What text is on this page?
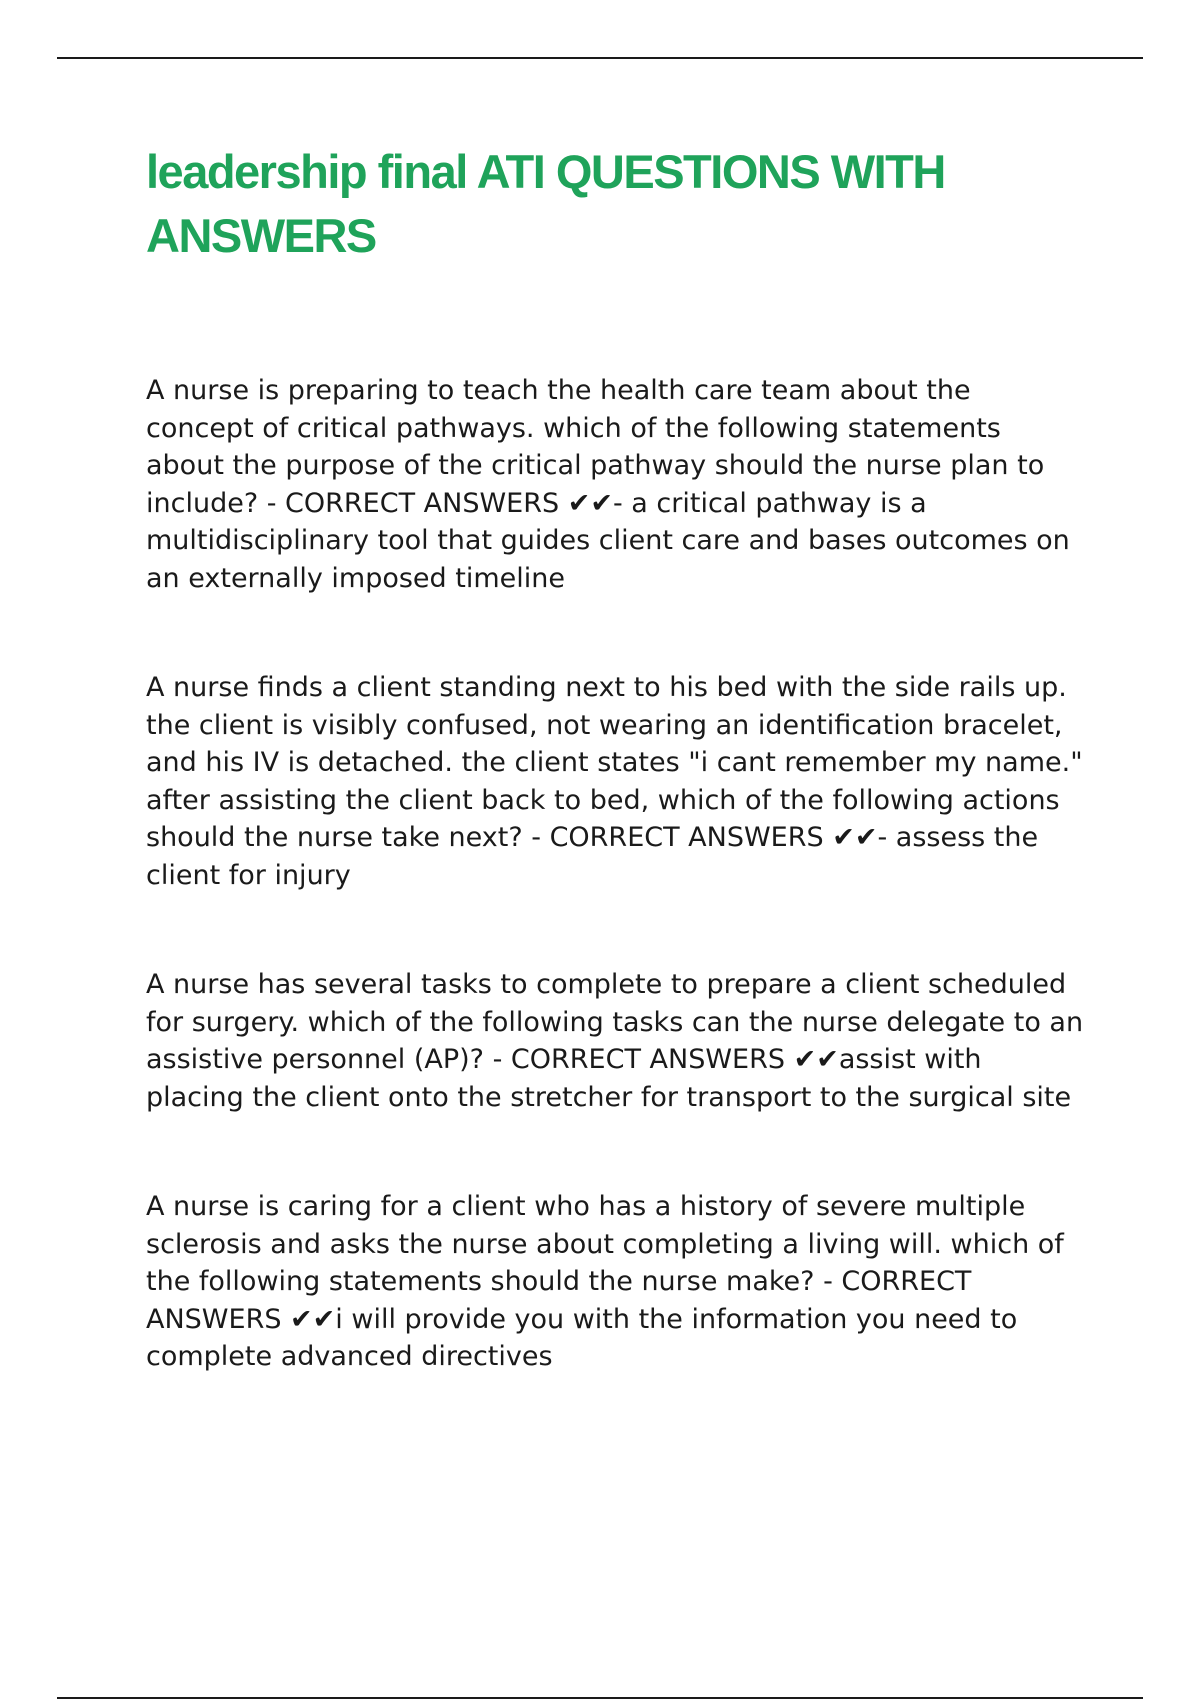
leadership final ATI QUESTIONS WITH
ANSWERS

A nurse is preparing to teach the health care team about the concept of critical pathways. which of the following statements about the purpose of the critical pathway should the nurse plan to include? - CORRECT ANSWERS ✔✔- a critical pathway is a multidisciplinary tool that guides client care and bases outcomes on an externally imposed timeline

A nurse finds a client standing next to his bed with the side rails up. the client is visibly confused, not wearing an identification bracelet, and his IV is detached. the client states "i cant remember my name." after assisting the client back to bed, which of the following actions should the nurse take next? - CORRECT ANSWERS ✔✔- assess the client for injury

A nurse has several tasks to complete to prepare a client scheduled for surgery. which of the following tasks can the nurse delegate to an assistive personnel (AP)? - CORRECT ANSWERS ✔✔assist with placing the client onto the stretcher for transport to the surgical site

A nurse is caring for a client who has a history of severe multiple sclerosis and asks the nurse about completing a living will. which of the following statements should the nurse make? - CORRECT ANSWERS ✔✔i will provide you with the information you need to complete advanced directives
